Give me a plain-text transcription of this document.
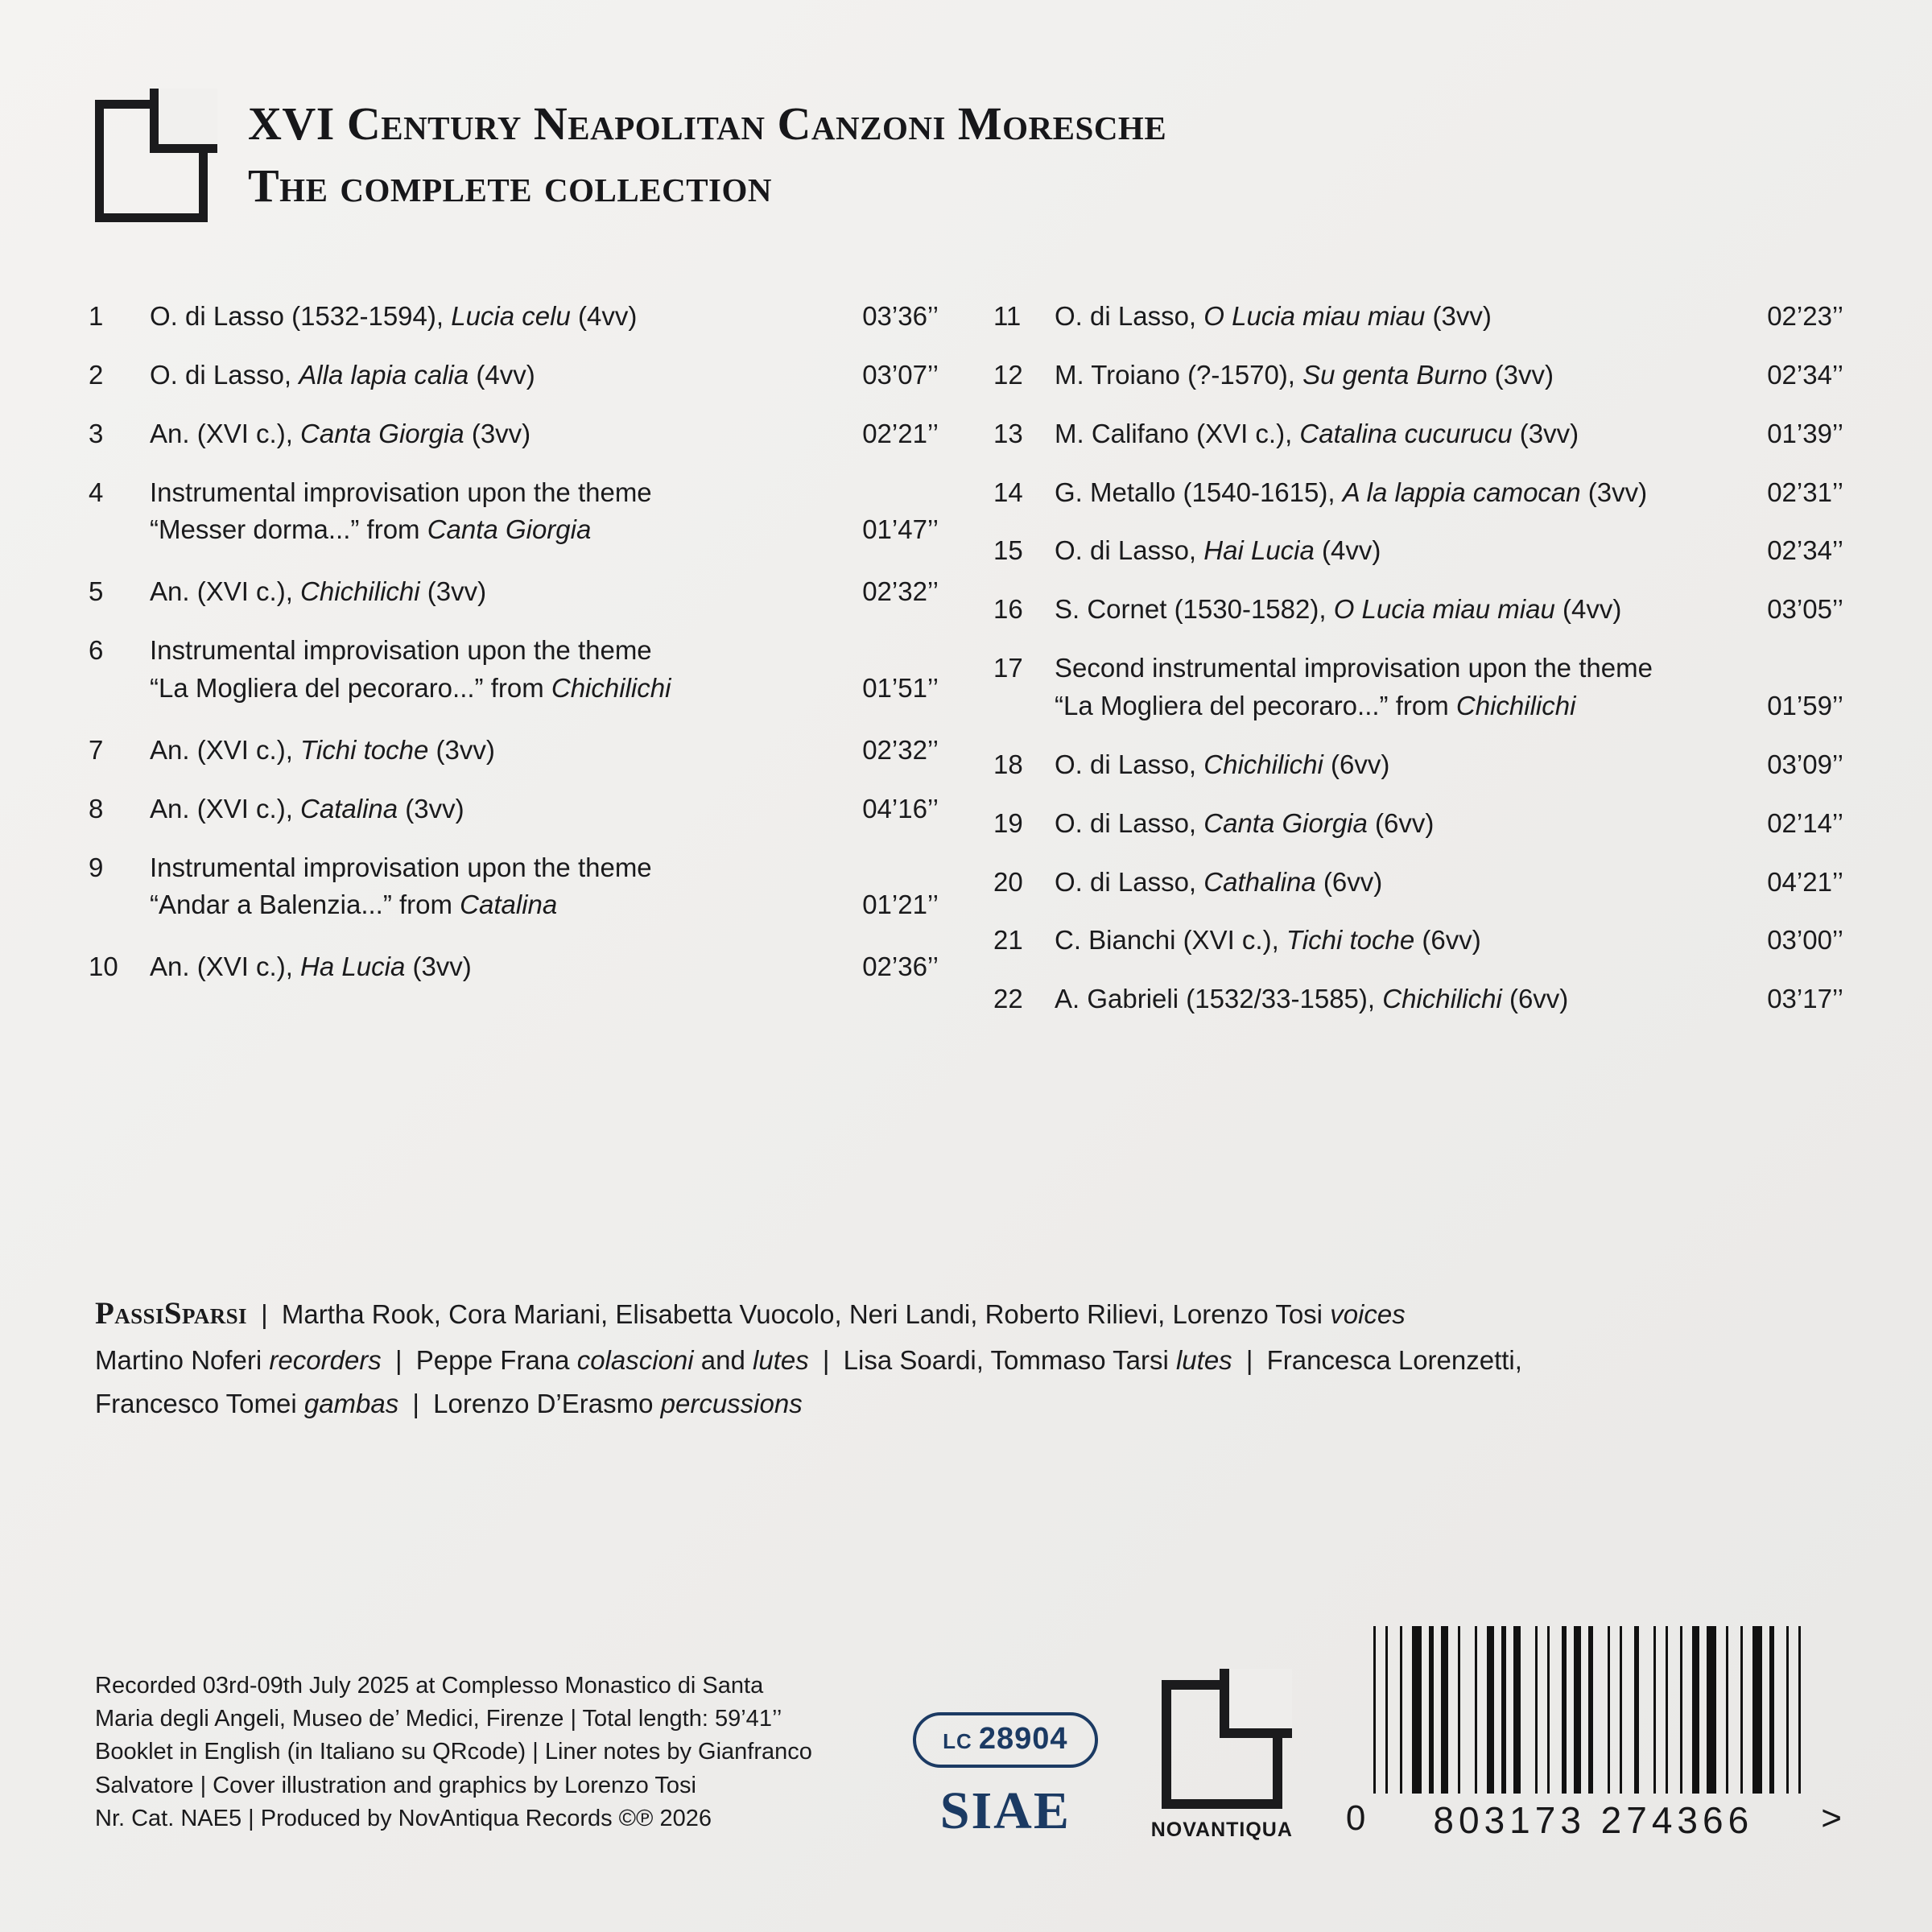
XVI Century Neapolitan Canzoni Moresche
The complete collection
1	O. di Lasso (1532-1594), Lucia celu (4vv)	03’36’’
2	O. di Lasso, Alla lapia calia (4vv)	03’07’’
3	An. (XVI c.), Canta Giorgia (3vv)	02’21’’
4	Instrumental improvisation upon the theme
“Messer dorma...” from Canta Giorgia	01’47’’
5	An. (XVI c.), Chichilichi (3vv)	02’32’’
6	Instrumental improvisation upon the theme
“La Mogliera del pecoraro...” from Chichilichi	01’51’’
7	An. (XVI c.), Tichi toche (3vv)	02’32’’
8	An. (XVI c.), Catalina (3vv)	04’16’’
9	Instrumental improvisation upon the theme
“Andar a Balenzia...” from Catalina	01’21’’
10	An. (XVI c.), Ha Lucia (3vv)	02’36’’
11	O. di Lasso, O Lucia miau miau (3vv)	02’23’’
12	M. Troiano (?-1570), Su genta Burno (3vv)	02’34’’
13	M. Califano (XVI c.), Catalina cucurucu (3vv)	01’39’’
14	G. Metallo (1540-1615), A la lappia camocan (3vv)	02’31’’
15	O. di Lasso, Hai Lucia (4vv)	02’34’’
16	S. Cornet (1530-1582), O Lucia miau miau (4vv)	03’05’’
17	Second instrumental improvisation upon the theme
“La Mogliera del pecoraro...” from Chichilichi	01’59’’
18	O. di Lasso, Chichilichi (6vv)	03’09’’
19	O. di Lasso, Canta Giorgia (6vv)	02’14’’
20	O. di Lasso, Cathalina (6vv)	04’21’’
21	C. Bianchi (XVI c.), Tichi toche (6vv)	03’00’’
22	A. Gabrieli (1532/33-1585), Chichilichi (6vv)	03’17’’
PassiSparsi | Martha Rook, Cora Mariani, Elisabetta Vuocolo, Neri Landi, Roberto Rilievi, Lorenzo Tosi voices
Martino Noferi recorders | Peppe Frana colascioni and lutes | Lisa Soardi, Tommaso Tarsi lutes | Francesca Lorenzetti,
Francesco Tomei gambas | Lorenzo D’Erasmo percussions
Recorded 03rd-09th July 2025 at Complesso Monastico di Santa
Maria degli Angeli, Museo de’ Medici, Firenze | Total length: 59’41’’
Booklet in English (in Italiano su QRcode) | Liner notes by Gianfranco
Salvatore | Cover illustration and graphics by Lorenzo Tosi
Nr. Cat. NAE5 | Produced by NovAntiqua Records ©℗ 2026
LC 28904
SIAE	NOVANTIQUA	0	803173 274366	>
